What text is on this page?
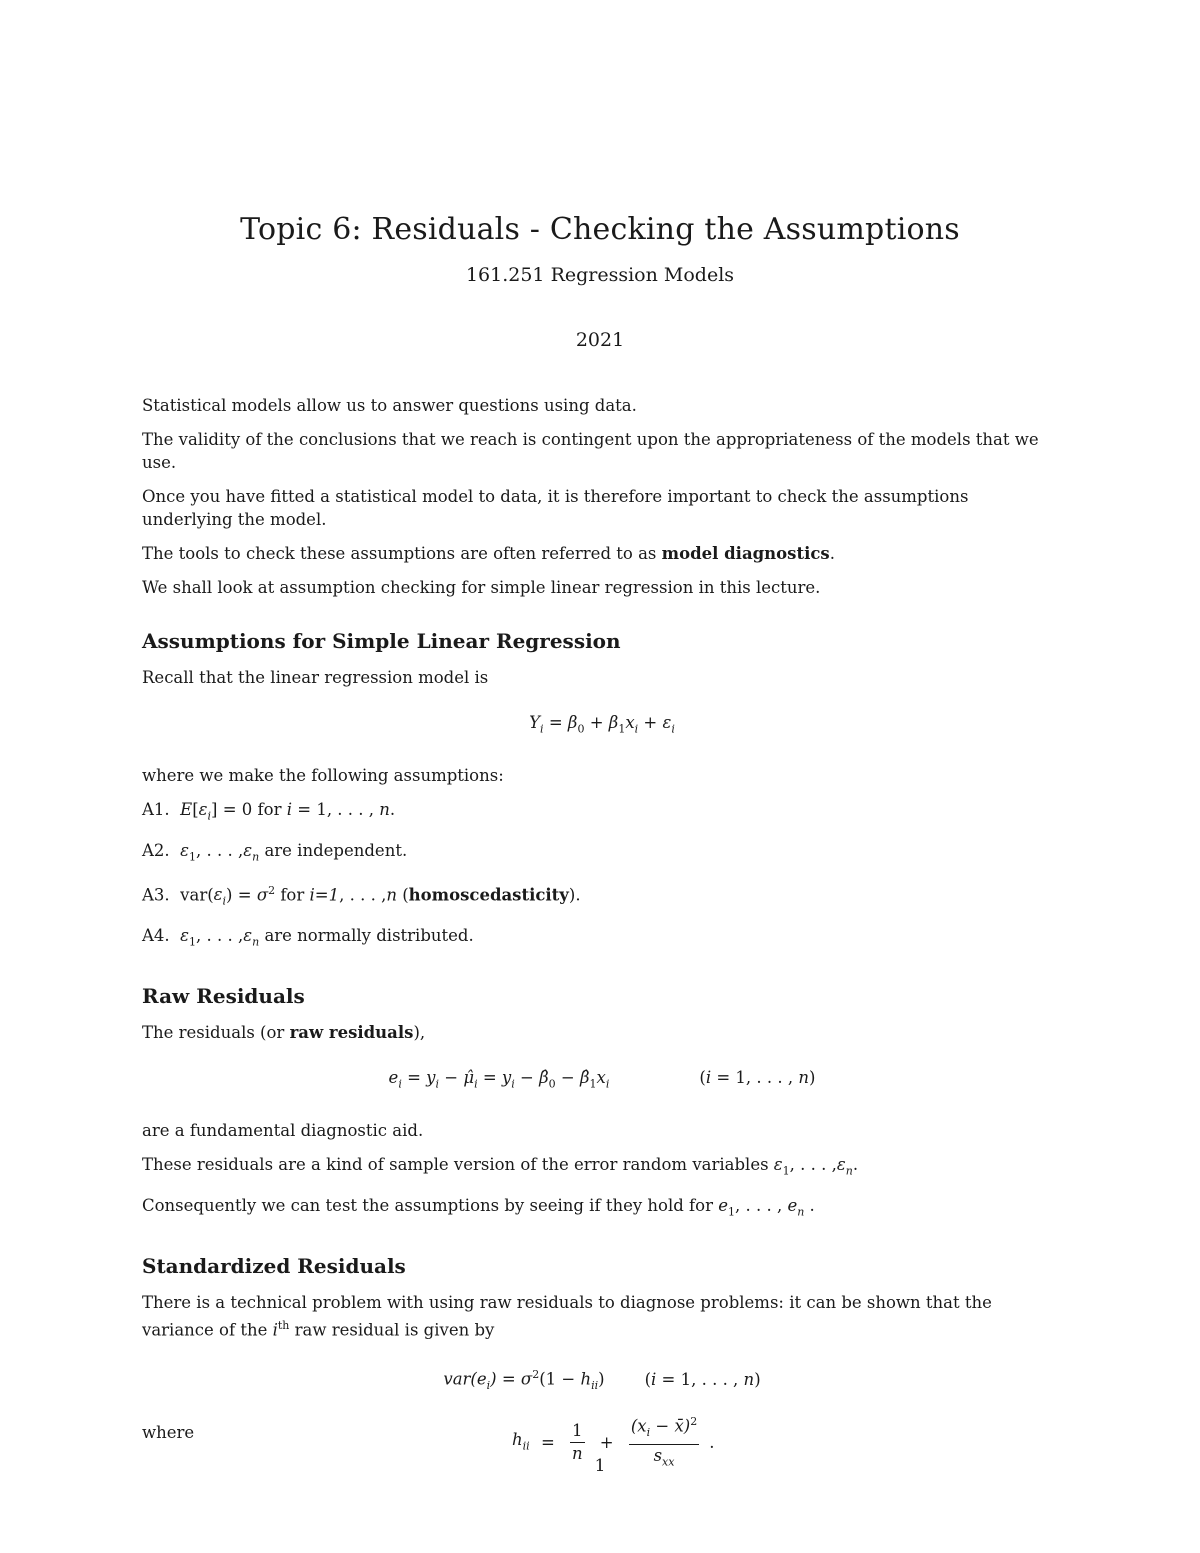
Topic 6: Residuals - Checking the Assumptions
161.251 Regression Models
2021

Statistical models allow us to answer questions using data.

The validity of the conclusions that we reach is contingent upon the appropriateness of the models that we use.

Once you have fitted a statistical model to data, it is therefore important to check the assumptions underlying the model.

The tools to check these assumptions are often referred to as model diagnostics.

We shall look at assumption checking for simple linear regression in this lecture.

Assumptions for Simple Linear Regression

Recall that the linear regression model is

$Y_i = \beta_0 + \beta_1x_i + \varepsilon_i$

where we make the following assumptions:

A1. $E[\varepsilon_i] = 0$ for i = 1, . . . , n.

A2. $\varepsilon_1$, . . . $,\varepsilon_n$ are independent.

A3.  $var(\varepsilon_i) = \sigma^2$ for i=1, . . . ,n (homoscedasticity).

A4. $\varepsilon_1$, . . . $,\varepsilon_n$ are normally distributed.

Raw Residuals

The residuals (or raw residuals),

$e_i = y_i$ − $\mû_i = y_i$ − $\betâ_0$ − $\betâ_1x_i$	(i = 1, . . . , n)

are a fundamental diagnostic aid.

These residuals are a kind of sample version of the error random variables $\varepsilon_1$, . . . $,\varepsilon_n$.

Consequently we can test the assumptions by seeing if they hold for $e_1$, . . . , $e_n$ .

Standardized Residuals

There is a technical problem with using raw residuals to diagnose problems: it can be shown that the variance of the $i^{th}$ raw residual is given by

$var(e_i) = \sigma^2(1 - h_{ii}) (i = 1$, . . . , n)

where	$h_{ii} = \frac{1}{n}$ +
($x_i$ − x̄)$^2$
$s_{xx}$
.
1
